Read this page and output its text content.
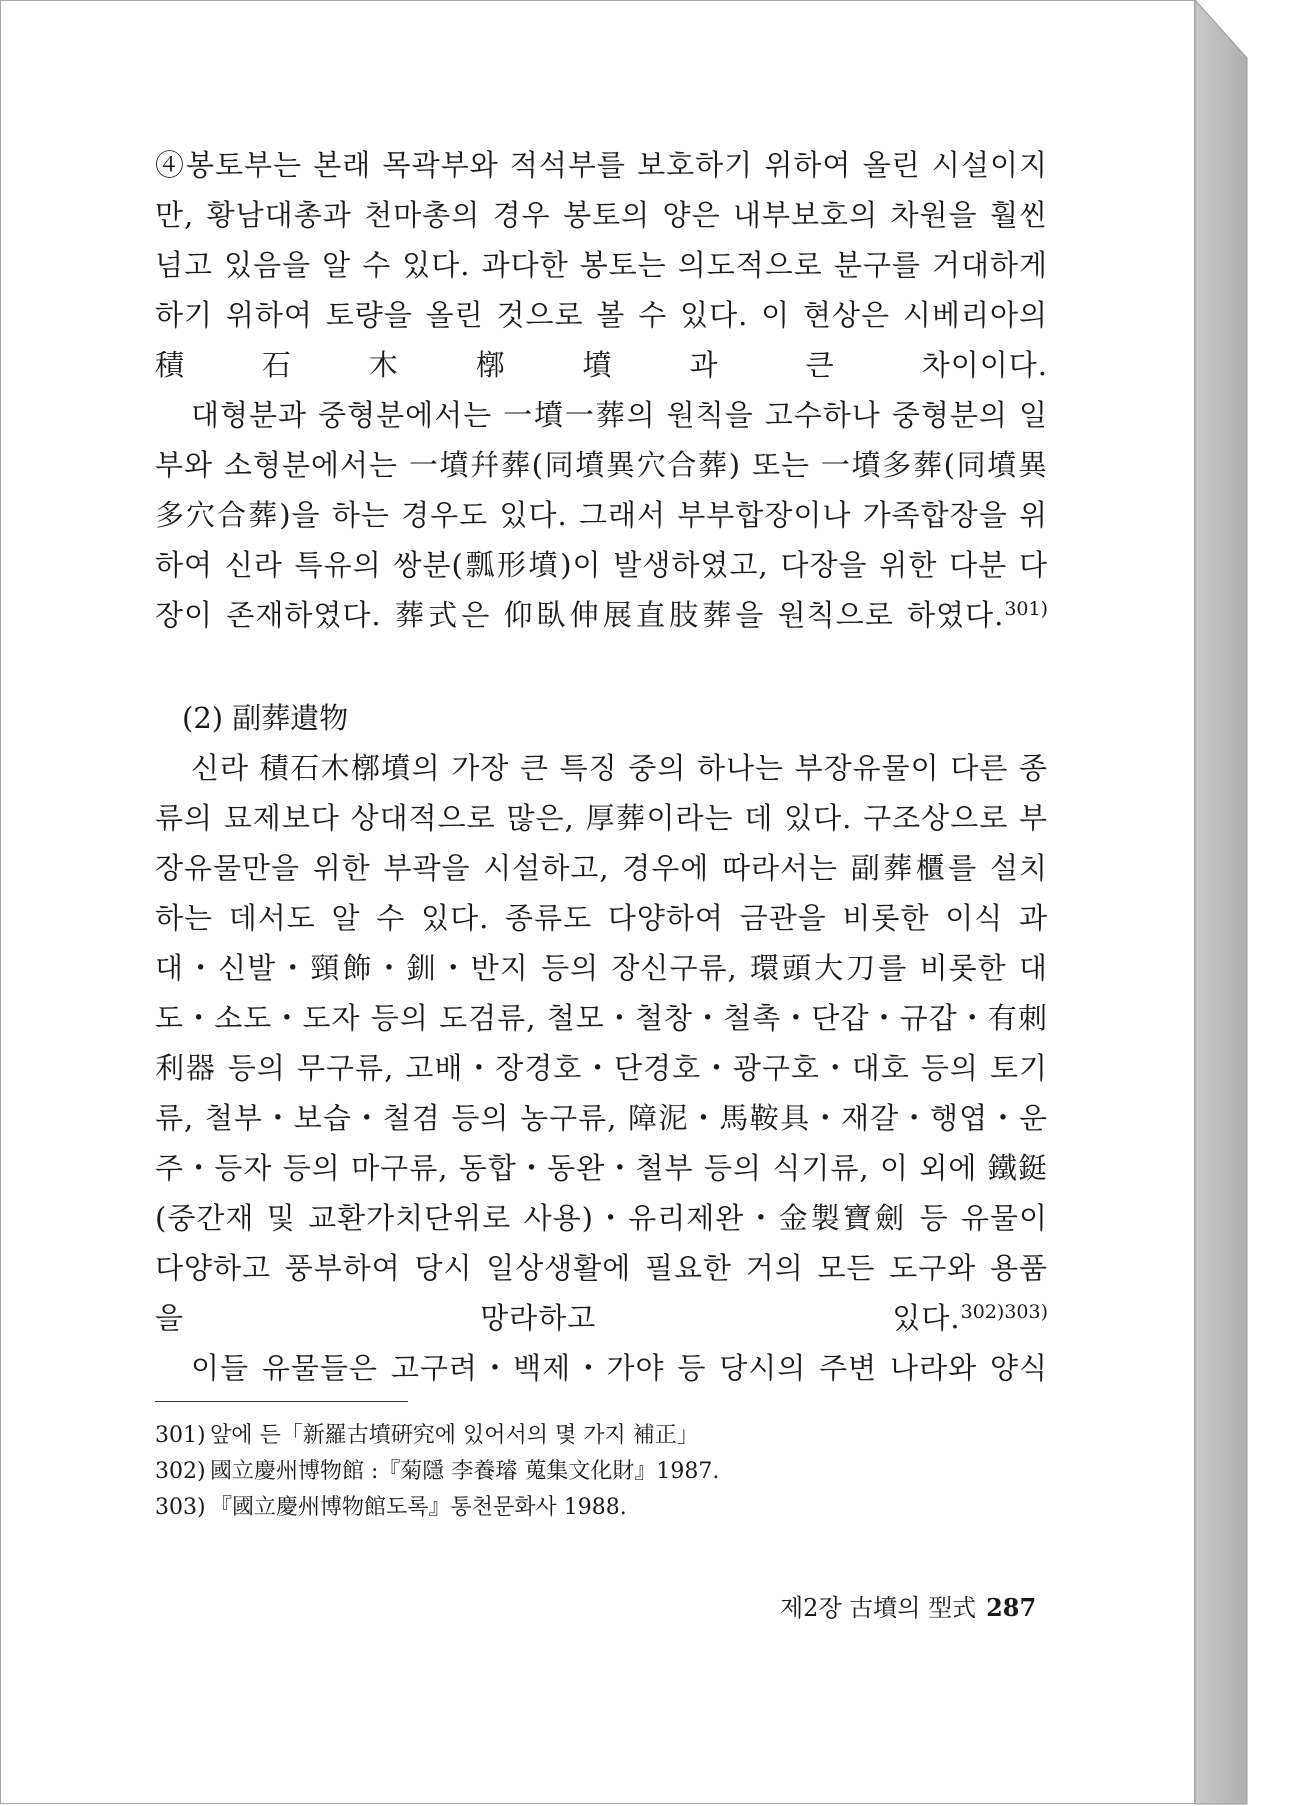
④봉토부는 본래 목곽부와 적석부를 보호하기 위하여 올린 시설이지만, 황남대총과 천마총의 경우 봉토의 양은 내부보호의 차원을 훨씬 넘고 있음을 알 수 있다. 과다한 봉토는 의도적으로 분구를 거대하게 하기 위하여 토량을 올린 것으로 볼 수 있다. 이 현상은 시베리아의 積石木槨墳과 큰 차이이다.

대형분과 중형분에서는 一墳一葬의 원칙을 고수하나 중형분의 일부와 소형분에서는 一墳幷葬(同墳異穴合葬) 또는 一墳多葬(同墳異多穴合葬)을 하는 경우도 있다. 그래서 부부합장이나 가족합장을 위하여 신라 특유의 쌍분(瓢形墳)이 발생하였고, 다장을 위한 다분 다장이 존재하였다. 葬式은 仰臥伸展直肢葬을 원칙으로 하였다.$^{301)}$

(2) 副葬遺物

신라 積石木槨墳의 가장 큰 특징 중의 하나는 부장유물이 다른 종류의 묘제보다 상대적으로 많은, 厚葬이라는 데 있다. 구조상으로 부장유물만을 위한 부곽을 시설하고, 경우에 따라서는 副葬櫃를 설치하는 데서도 알 수 있다. 종류도 다양하여 금관을 비롯한 이식 과대・신발・頸飾・釧・반지 등의 장신구류, 環頭大刀를 비롯한 대도・소도・도자 등의 도검류, 철모・철창・철촉・단갑・규갑・有刺利器 등의 무구류, 고배・장경호・단경호・광구호・대호 등의 토기류, 철부・보습・철겸 등의 농구류, 障泥・馬鞍具・재갈・행엽・운주・등자 등의 마구류, 동합・동완・철부 등의 식기류, 이 외에 鐵鋌(중간재 및 교환가치단위로 사용)・유리제완・金製寶劍 등 유물이 다양하고 풍부하여 당시 일상생활에 필요한 거의 모든 도구와 용품을 망라하고 있다.$^{302)303)}$

이들 유물들은 고구려・백제・가야 등 당시의 주변 나라와 양식

301) 앞에 든「新羅古墳硏究에 있어서의 몇 가지 補正」

302) 國立慶州博物館 :『菊隱 李養璿 蒐集文化財』1987.

303) 『國立慶州博物館도록』통천문화사 1988.

제2장 古墳의 型式 287
